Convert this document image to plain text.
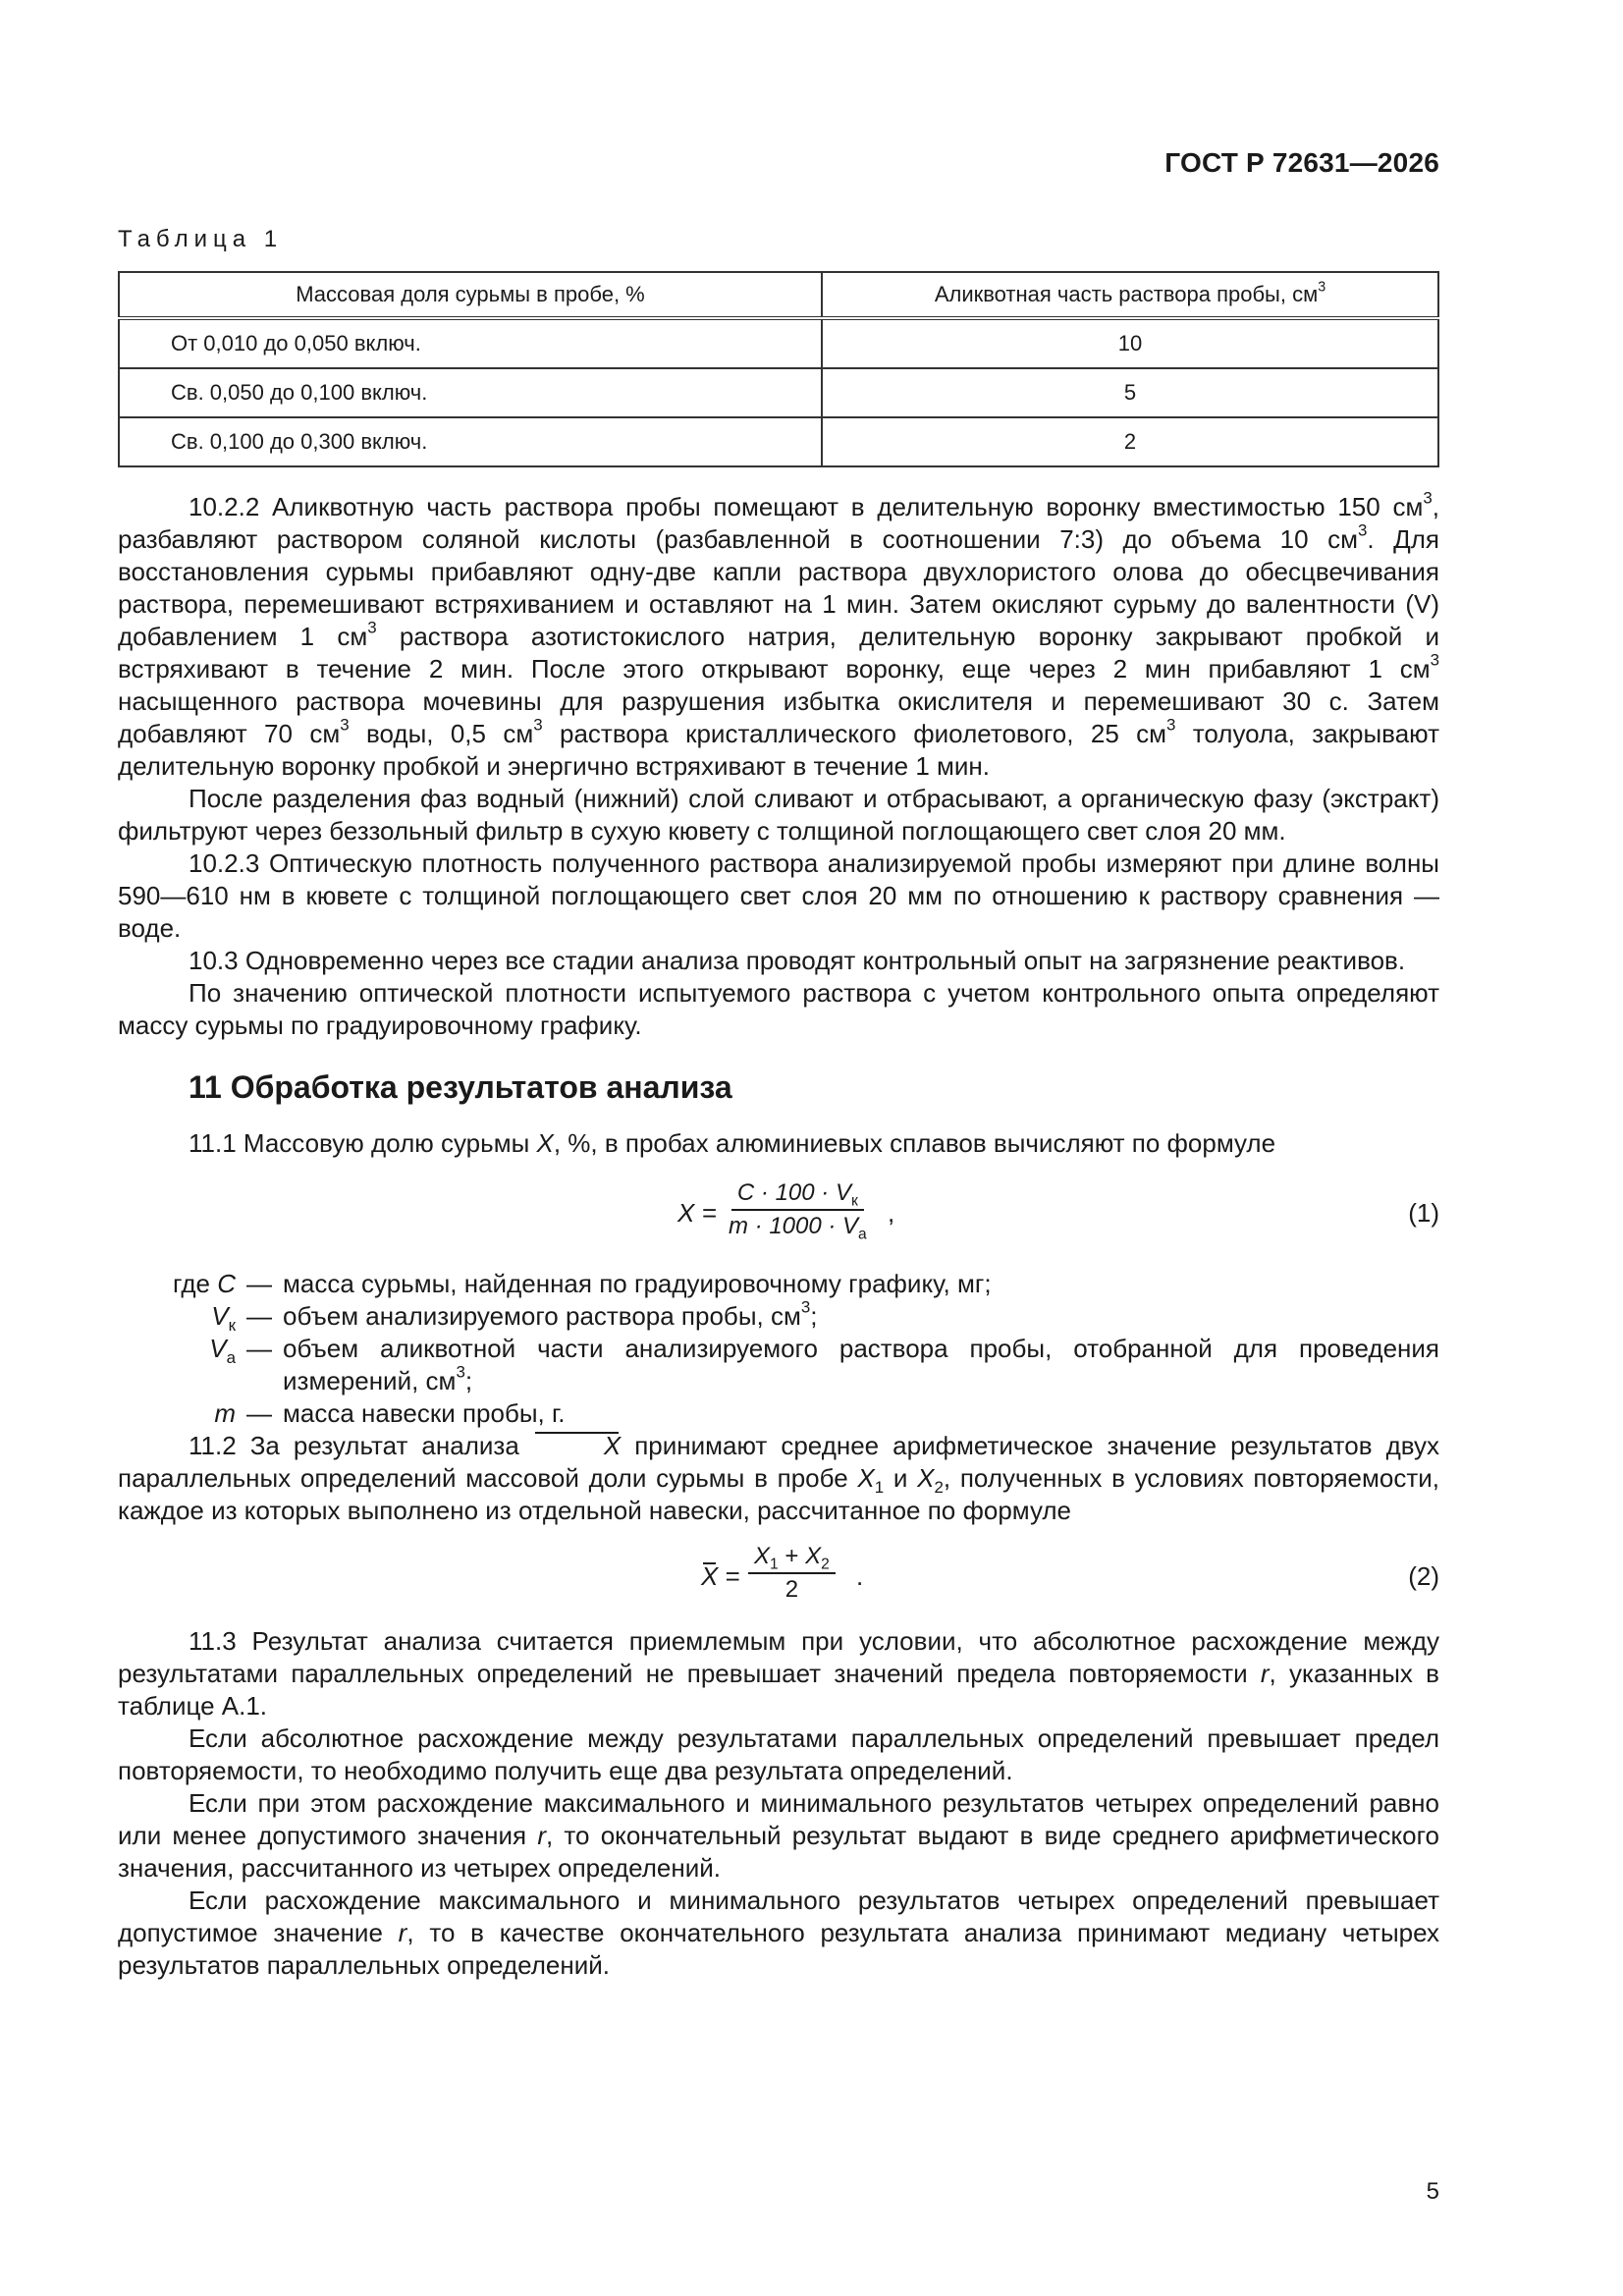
ГОСТ Р 72631—2026
Таблица 1
Массовая доля сурьмы в пробе, %	Аликвотная часть раствора пробы, $см^3$
От 0,010 до 0,050 включ.	10
Св. 0,050 до 0,100 включ.	5
Св. 0,100 до 0,300 включ.	2

10.2.2 Аликвотную часть раствора пробы помещают в делительную воронку вместимостью 150 $см^3$, разбавляют раствором соляной кислоты (разбавленной в соотношении 7:3) до объема 10 $см^3$. Для восстановления сурьмы прибавляют одну-две капли раствора двухлористого олова до обесцвечивания раствора, перемешивают встряхиванием и оставляют на 1 мин. Затем окисляют сурьму до валентности (V) добавлением 1 $см^3$ раствора азотистокислого натрия, делительную воронку закрывают пробкой и встряхивают в течение 2 мин. После этого открывают воронку, еще через 2 мин прибавляют 1 $см^3$ насыщенного раствора мочевины для разрушения избытка окислителя и перемешивают 30 с. Затем добавляют 70 $см^3$ воды, 0,5 $см^3$ раствора кристаллического фиолетового, 25 $см^3$ толуола, закрывают делительную воронку пробкой и энергично встряхивают в течение 1 мин.

После разделения фаз водный (нижний) слой сливают и отбрасывают, а органическую фазу (экстракт) фильтруют через беззольный фильтр в сухую кювету с толщиной поглощающего свет слоя 20 мм.

10.2.3 Оптическую плотность полученного раствора анализируемой пробы измеряют при длине волны 590—610 нм в кювете с толщиной поглощающего свет слоя 20 мм по отношению к раствору сравнения — воде.

10.3 Одновременно через все стадии анализа проводят контрольный опыт на загрязнение реактивов.

По значению оптической плотности испытуемого раствора с учетом контрольного опыта определяют массу сурьмы по градуировочному графику.

11 Обработка результатов анализа

11.1 Массовую долю сурьмы X, %, в пробах алюминиевых сплавов вычисляют по формуле

X =
$C \cdot 100 \cdot V_к$
$m \cdot 1000 \cdot V_a$
,	(1)
где C — масса сурьмы, найденная по градуировочному графику, мг;
$V_к$ — объем анализируемого раствора пробы, $см^3$;
$V_a$ — объем аликвотной части анализируемого раствора пробы, отобранной для проведения измерений, $см^3$;
m — масса навески пробы, г.

11.2 За результат анализа	X принимают среднее арифметическое значение результатов двух параллельных определений массовой доли сурьмы в пробе $X_1$ и $X_2$, полученных в условиях повторяемости, каждое из которых выполнено из отдельной навески, рассчитанное по формуле

$X = \frac{X_1 + X_2}{2}$ .	(2)

11.3 Результат анализа считается приемлемым при условии, что абсолютное расхождение между результатами параллельных определений не превышает значений предела повторяемости r, указанных в таблице А.1.

Если абсолютное расхождение между результатами параллельных определений превышает предел повторяемости, то необходимо получить еще два результата определений.

Если при этом расхождение максимального и минимального результатов четырех определений равно или менее допустимого значения r, то окончательный результат выдают в виде среднего арифметического значения, рассчитанного из четырех определений.

Если расхождение максимального и минимального результатов четырех определений превышает допустимое значение r, то в качестве окончательного результата анализа принимают медиану четырех результатов параллельных определений.

5
